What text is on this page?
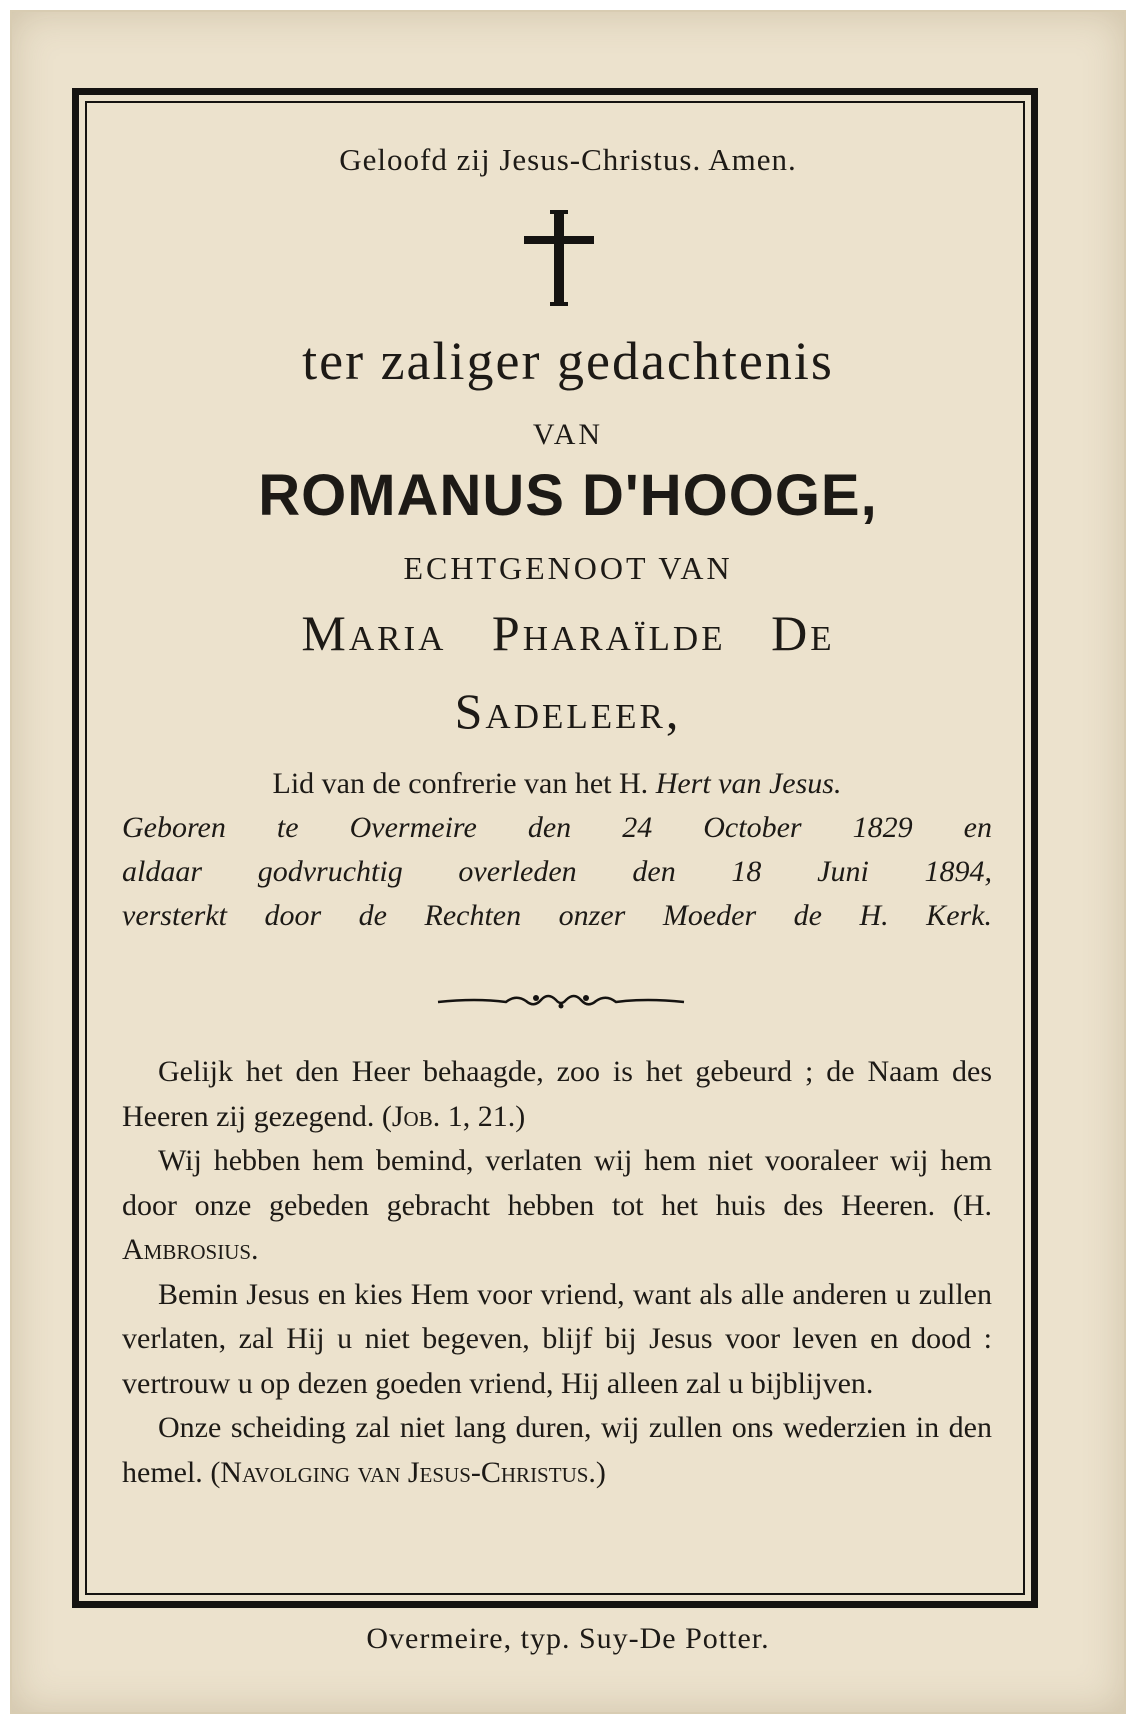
Geloofd zij Jesus-Christus. Amen.
ter zaliger gedachtenis
VAN
ROMANUS D'HOOGE,
ECHTGENOOT VAN
Maria Pharaïlde De
Sadeleer,
Lid van de confrerie van het H. Hert van Jesus.
Geboren te Overmeire den 24 October 1829 en
aldaar godvruchtig overleden den 18 Juni 1894,
versterkt door de Rechten onzer Moeder de H. Kerk.

Gelijk het den Heer behaagde, zoo is het gebeurd ; de Naam des Heeren zij gezegend. (Job. 1, 21.)

Wij hebben hem bemind, verlaten wij hem niet vooraleer wij hem door onze gebeden gebracht hebben tot het huis des Heeren. (H. Ambrosius.

Bemin Jesus en kies Hem voor vriend, want als alle anderen u zullen verlaten, zal Hij u niet begeven, blijf bij Jesus voor leven en dood : vertrouw u op dezen goeden vriend, Hij alleen zal u bijblijven.

Onze scheiding zal niet lang duren, wij zullen ons wederzien in den hemel. (Navolging van Jesus-Christus.)

Overmeire, typ. Suy-De Potter.
